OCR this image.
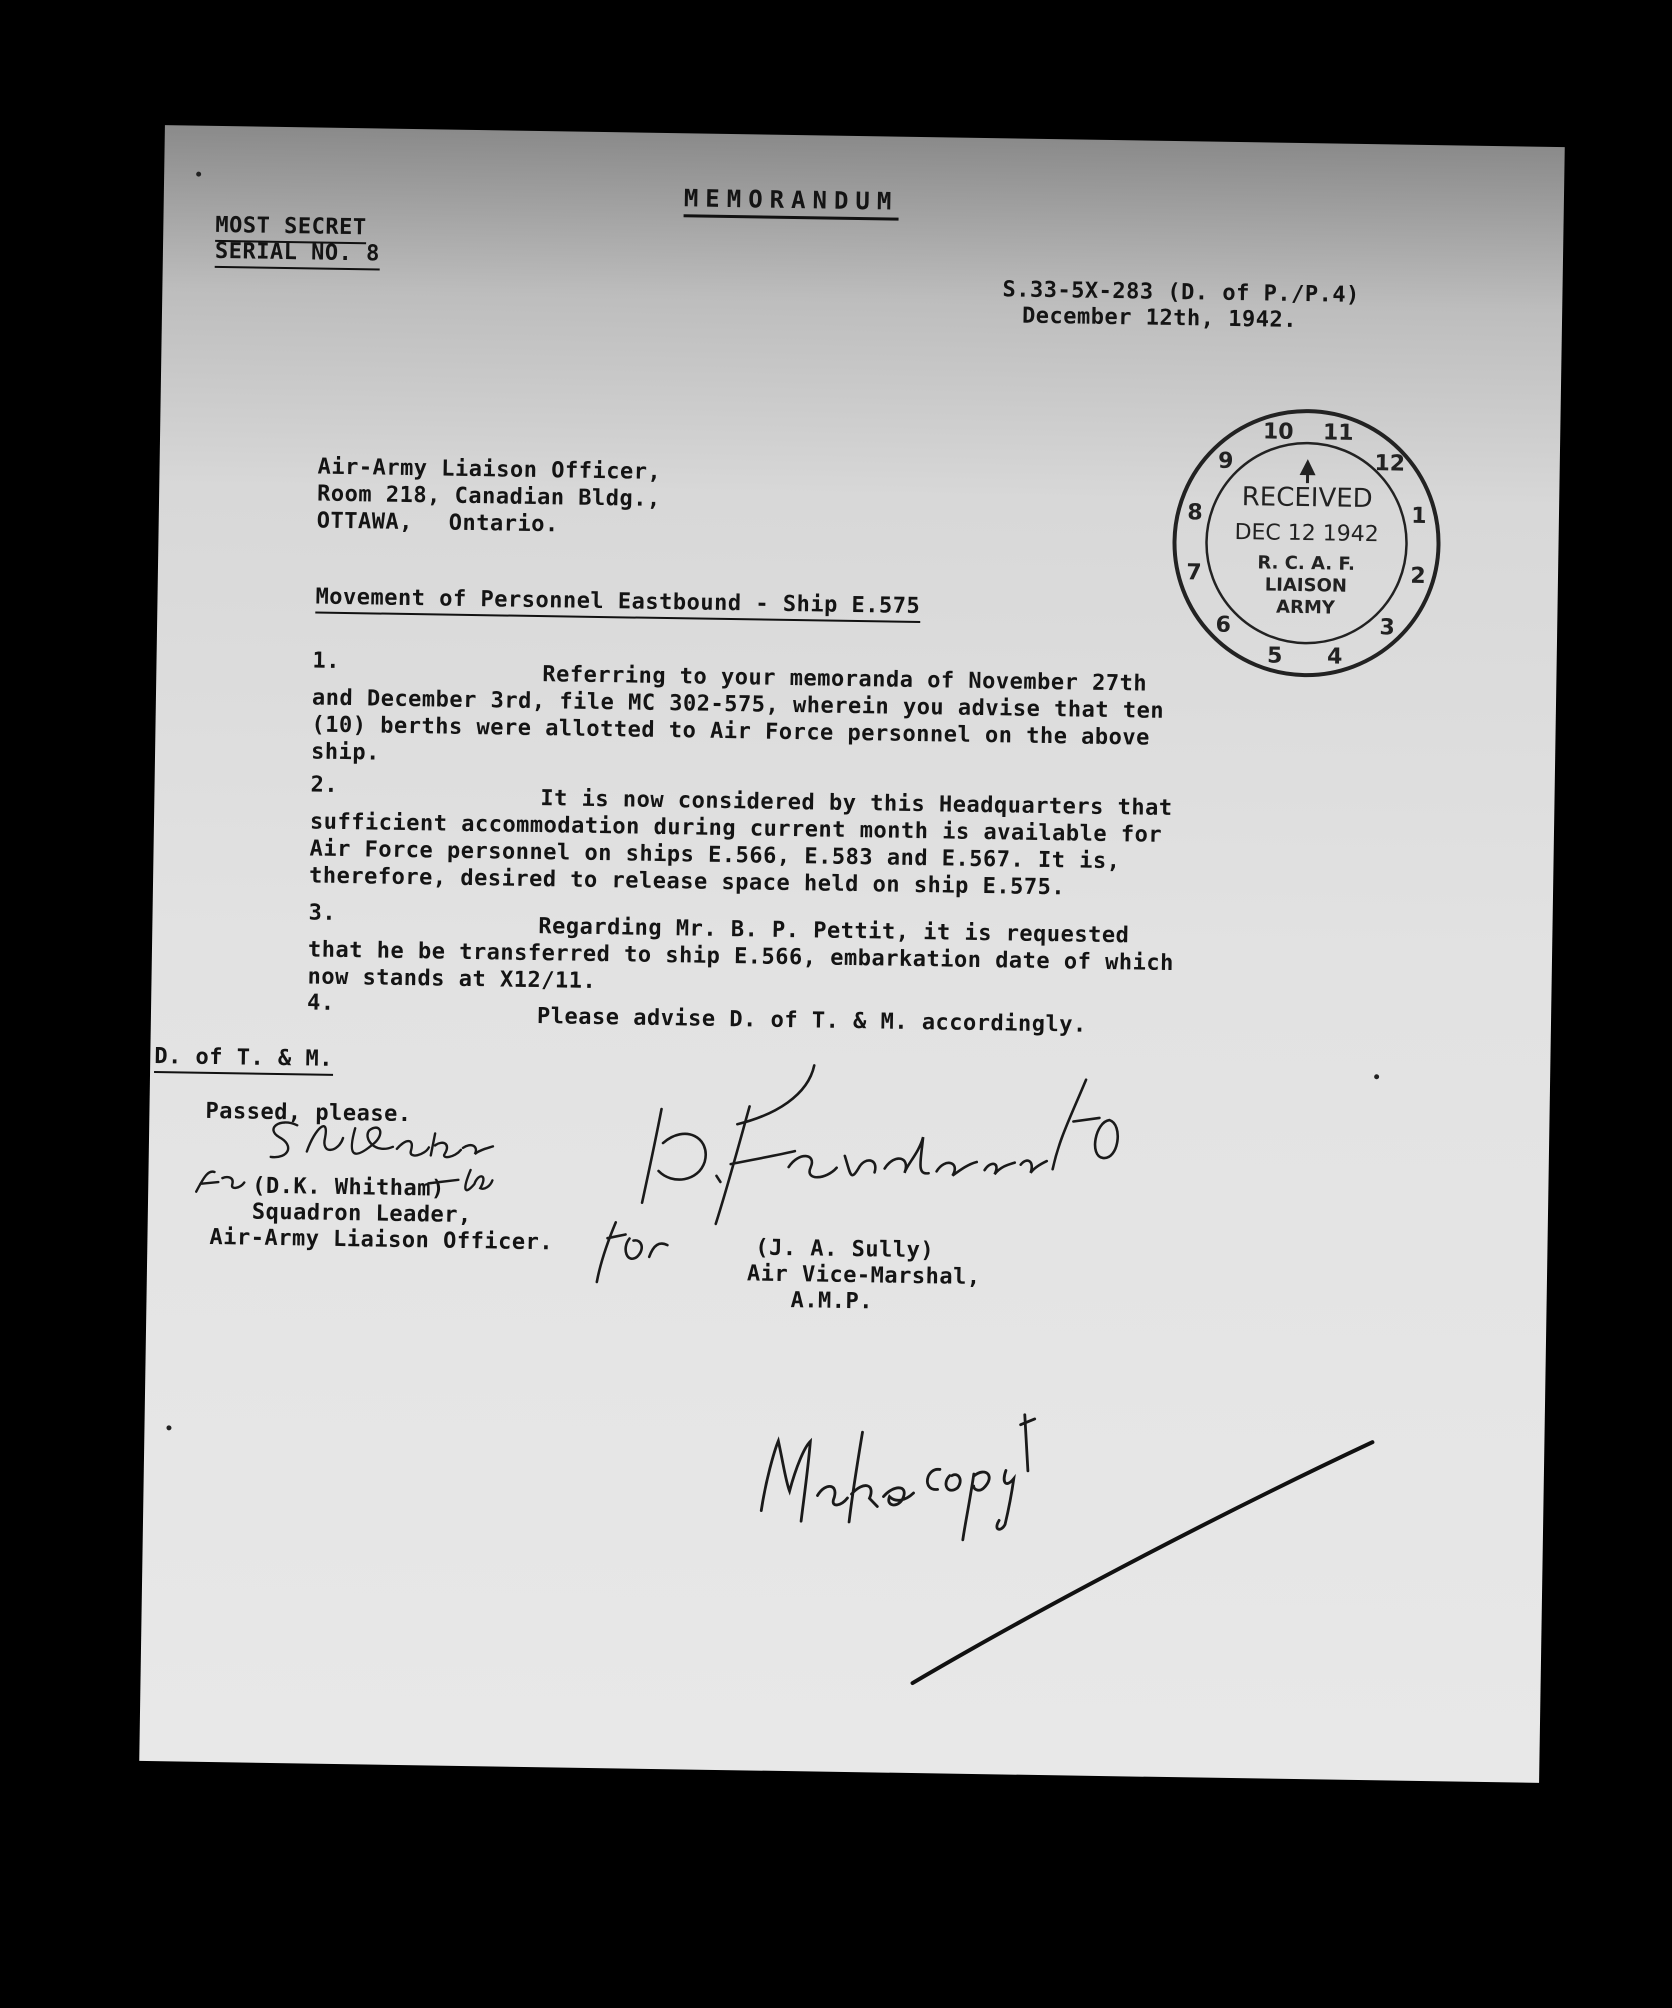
MEMORANDUM
MOST SECRET
SERIAL NO. 8
S.33-5X-283 (D. of P./P.4)
December 12th, 1942.
10 11
12
1
2
3
4
5
6
7
8
9
RECEIVED
DEC 12 1942
R. C. A. F.
LIAISON
ARMY
Air-Army Liaison Officer,
Room 218, Canadian Bldg.,
OTTAWA, Ontario.
Movement of Personnel Eastbound - Ship E.575
1.
Referring to your memoranda of November 27th and December 3rd, file MC 302-575, wherein you advise that ten (10) berths were allotted to Air Force personnel on the above ship.
2.
It is now considered by this Headquarters that sufficient accommodation during current month is available for Air Force personnel on ships E.566, E.583 and E.567. It is, therefore, desired to release space held on ship E.575.
3.
Regarding Mr. B. P. Pettit, it is requested that he be transferred to ship E.566, embarkation date of which now stands at X12/11.
4.
Please advise D. of T. & M. accordingly.
D. of T. & M.
Passed, please.
(D.K. Whitham)
Squadron Leader,
Air-Army Liaison Officer.	(J. A. Sully)
Air Vice-Marshal,
A.M.P.
